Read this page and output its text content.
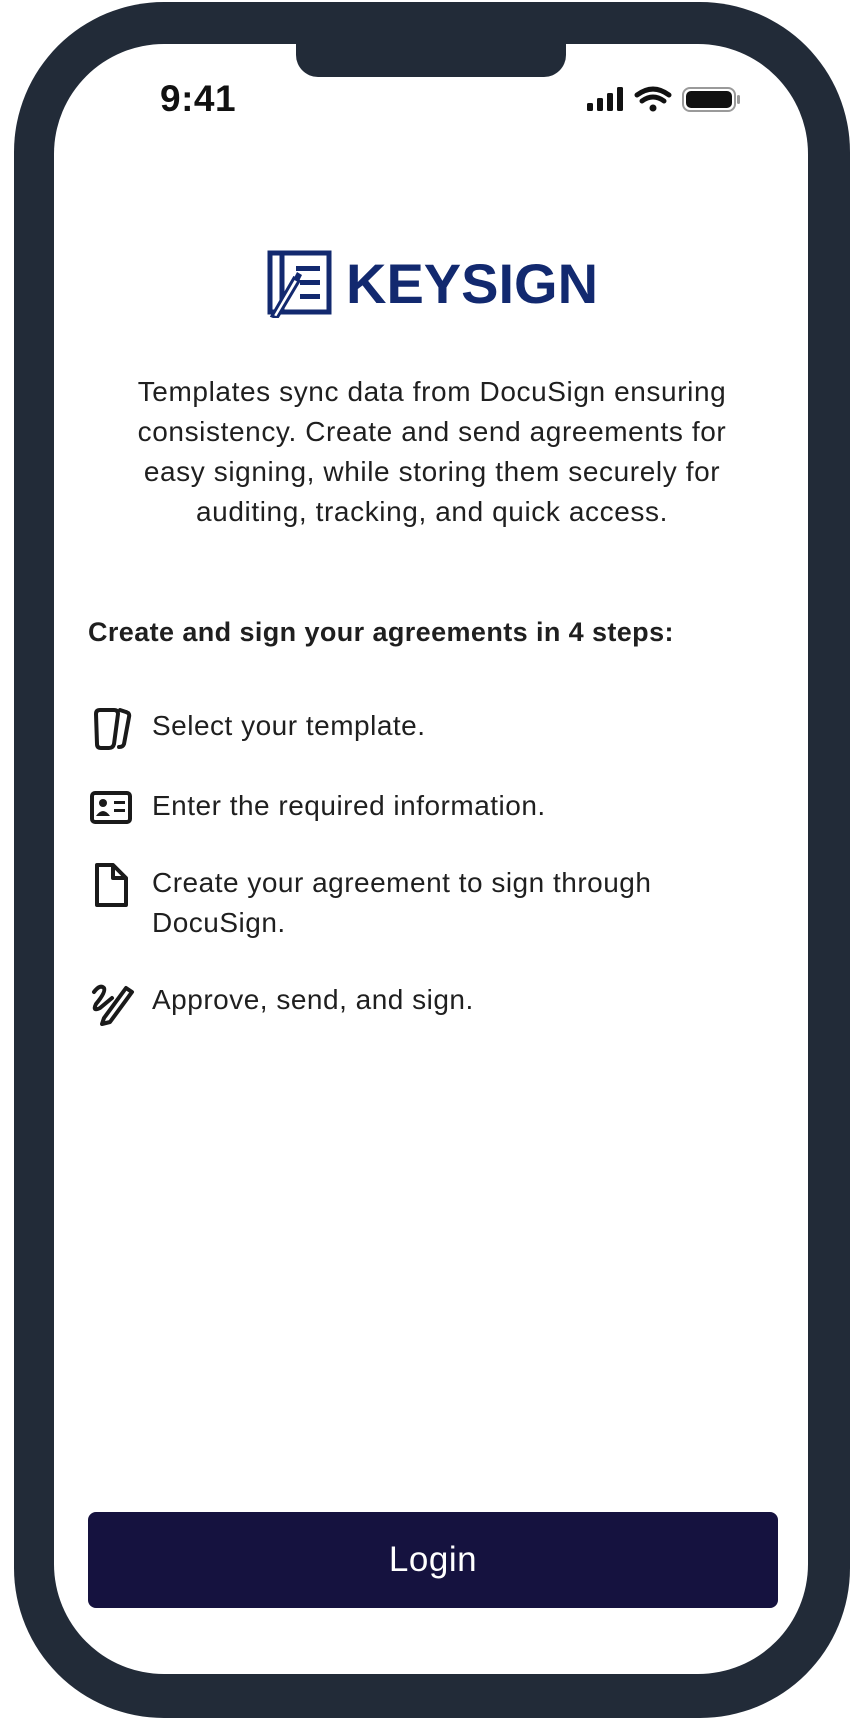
9:41
KEYSIGN
Templates sync data from DocuSign ensuring consistency. Create and send agreements for easy signing, while storing them securely for auditing, tracking, and quick access.
Create and sign your agreements in 4 steps:
Select your template.
Enter the required information.
Create your agreement to sign through DocuSign.
Approve, send, and sign.
Login
